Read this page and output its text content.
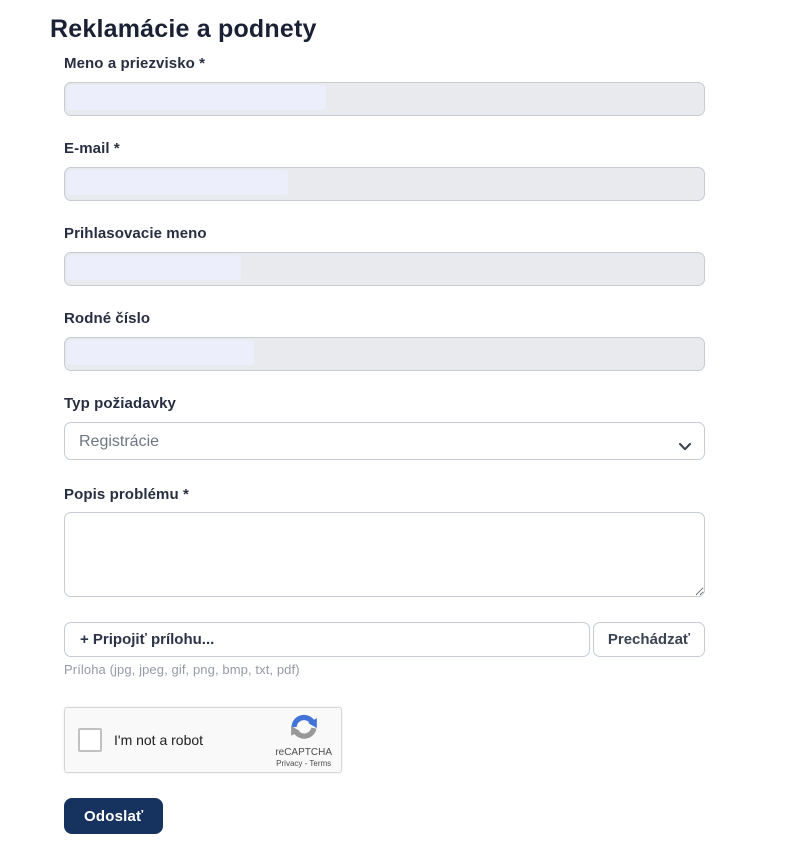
Reklamácie a podnety
Meno a priezvisko *
E-mail *
Prihlasovacie meno
Rodné číslo
Typ požiadavky
Registrácie
Popis problému *
+ Pripojiť prílohu...	Prechádzať
Príloha (jpg, jpeg, gif, png, bmp, txt, pdf)
I'm not a robot
reCAPTCHA
Privacy - Terms
Odoslať
